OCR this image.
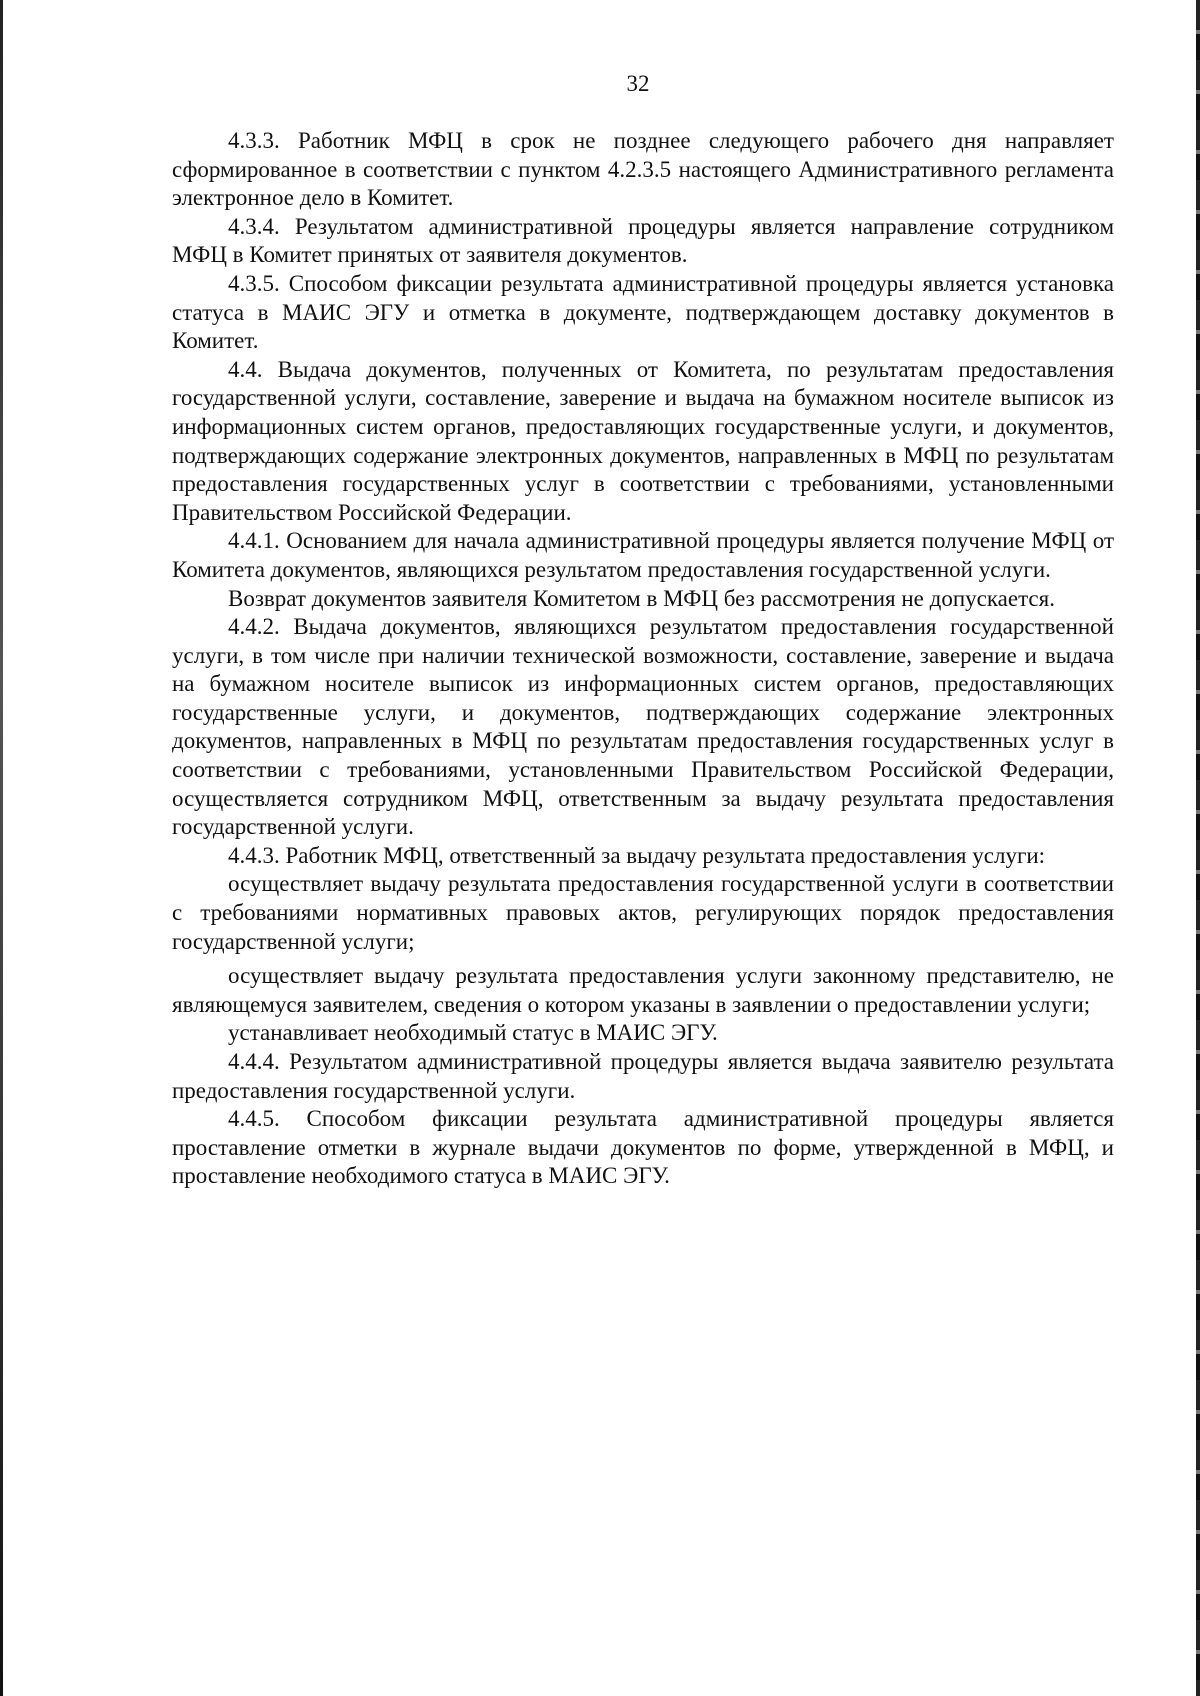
32

4.3.3. Работник МФЦ в срок не позднее следующего рабочего дня направляет сформированное в соответствии с пунктом 4.2.3.5 настоящего Административного регламента электронное дело в Комитет.

4.3.4. Результатом административной процедуры является направление сотрудником МФЦ в Комитет принятых от заявителя документов.

4.3.5. Способом фиксации результата административной процедуры является установка статуса в МАИС ЭГУ и отметка в документе, подтверждающем доставку документов в Комитет.

4.4. Выдача документов, полученных от Комитета, по результатам предоставления государственной услуги, составление, заверение и выдача на бумажном носителе выписок из информационных систем органов, предоставляющих государственные услуги, и документов, подтверждающих содержание электронных документов, направленных в МФЦ по результатам предоставления государственных услуг в соответствии с требованиями, установленными Правительством Российской Федерации.

4.4.1. Основанием для начала административной процедуры является получение МФЦ от Комитета документов, являющихся результатом предоставления государственной услуги.

Возврат документов заявителя Комитетом в МФЦ без рассмотрения не допускается.

4.4.2. Выдача документов, являющихся результатом предоставления государственной услуги, в том числе при наличии технической возможности, составление, заверение и выдача на бумажном носителе выписок из информационных систем органов, предоставляющих государственные услуги, и документов, подтверждающих содержание электронных документов, направленных в МФЦ по результатам предоставления государственных услуг в соответствии с требованиями, установленными Правительством Российской Федерации, осуществляется сотрудником МФЦ, ответственным за выдачу результата предоставления государственной услуги.

4.4.3. Работник МФЦ, ответственный за выдачу результата предоставления услуги:

осуществляет выдачу результата предоставления государственной услуги в соответствии с требованиями нормативных правовых актов, регулирующих порядок предоставления государственной услуги;

осуществляет выдачу результата предоставления услуги законному представителю, не являющемуся заявителем, сведения о котором указаны в заявлении о предоставлении услуги;

устанавливает необходимый статус в МАИС ЭГУ.

4.4.4. Результатом административной процедуры является выдача заявителю результата предоставления государственной услуги.

4.4.5. Способом фиксации результата административной процедуры является проставление отметки в журнале выдачи документов по форме, утвержденной в МФЦ, и проставление необходимого статуса в МАИС ЭГУ.
